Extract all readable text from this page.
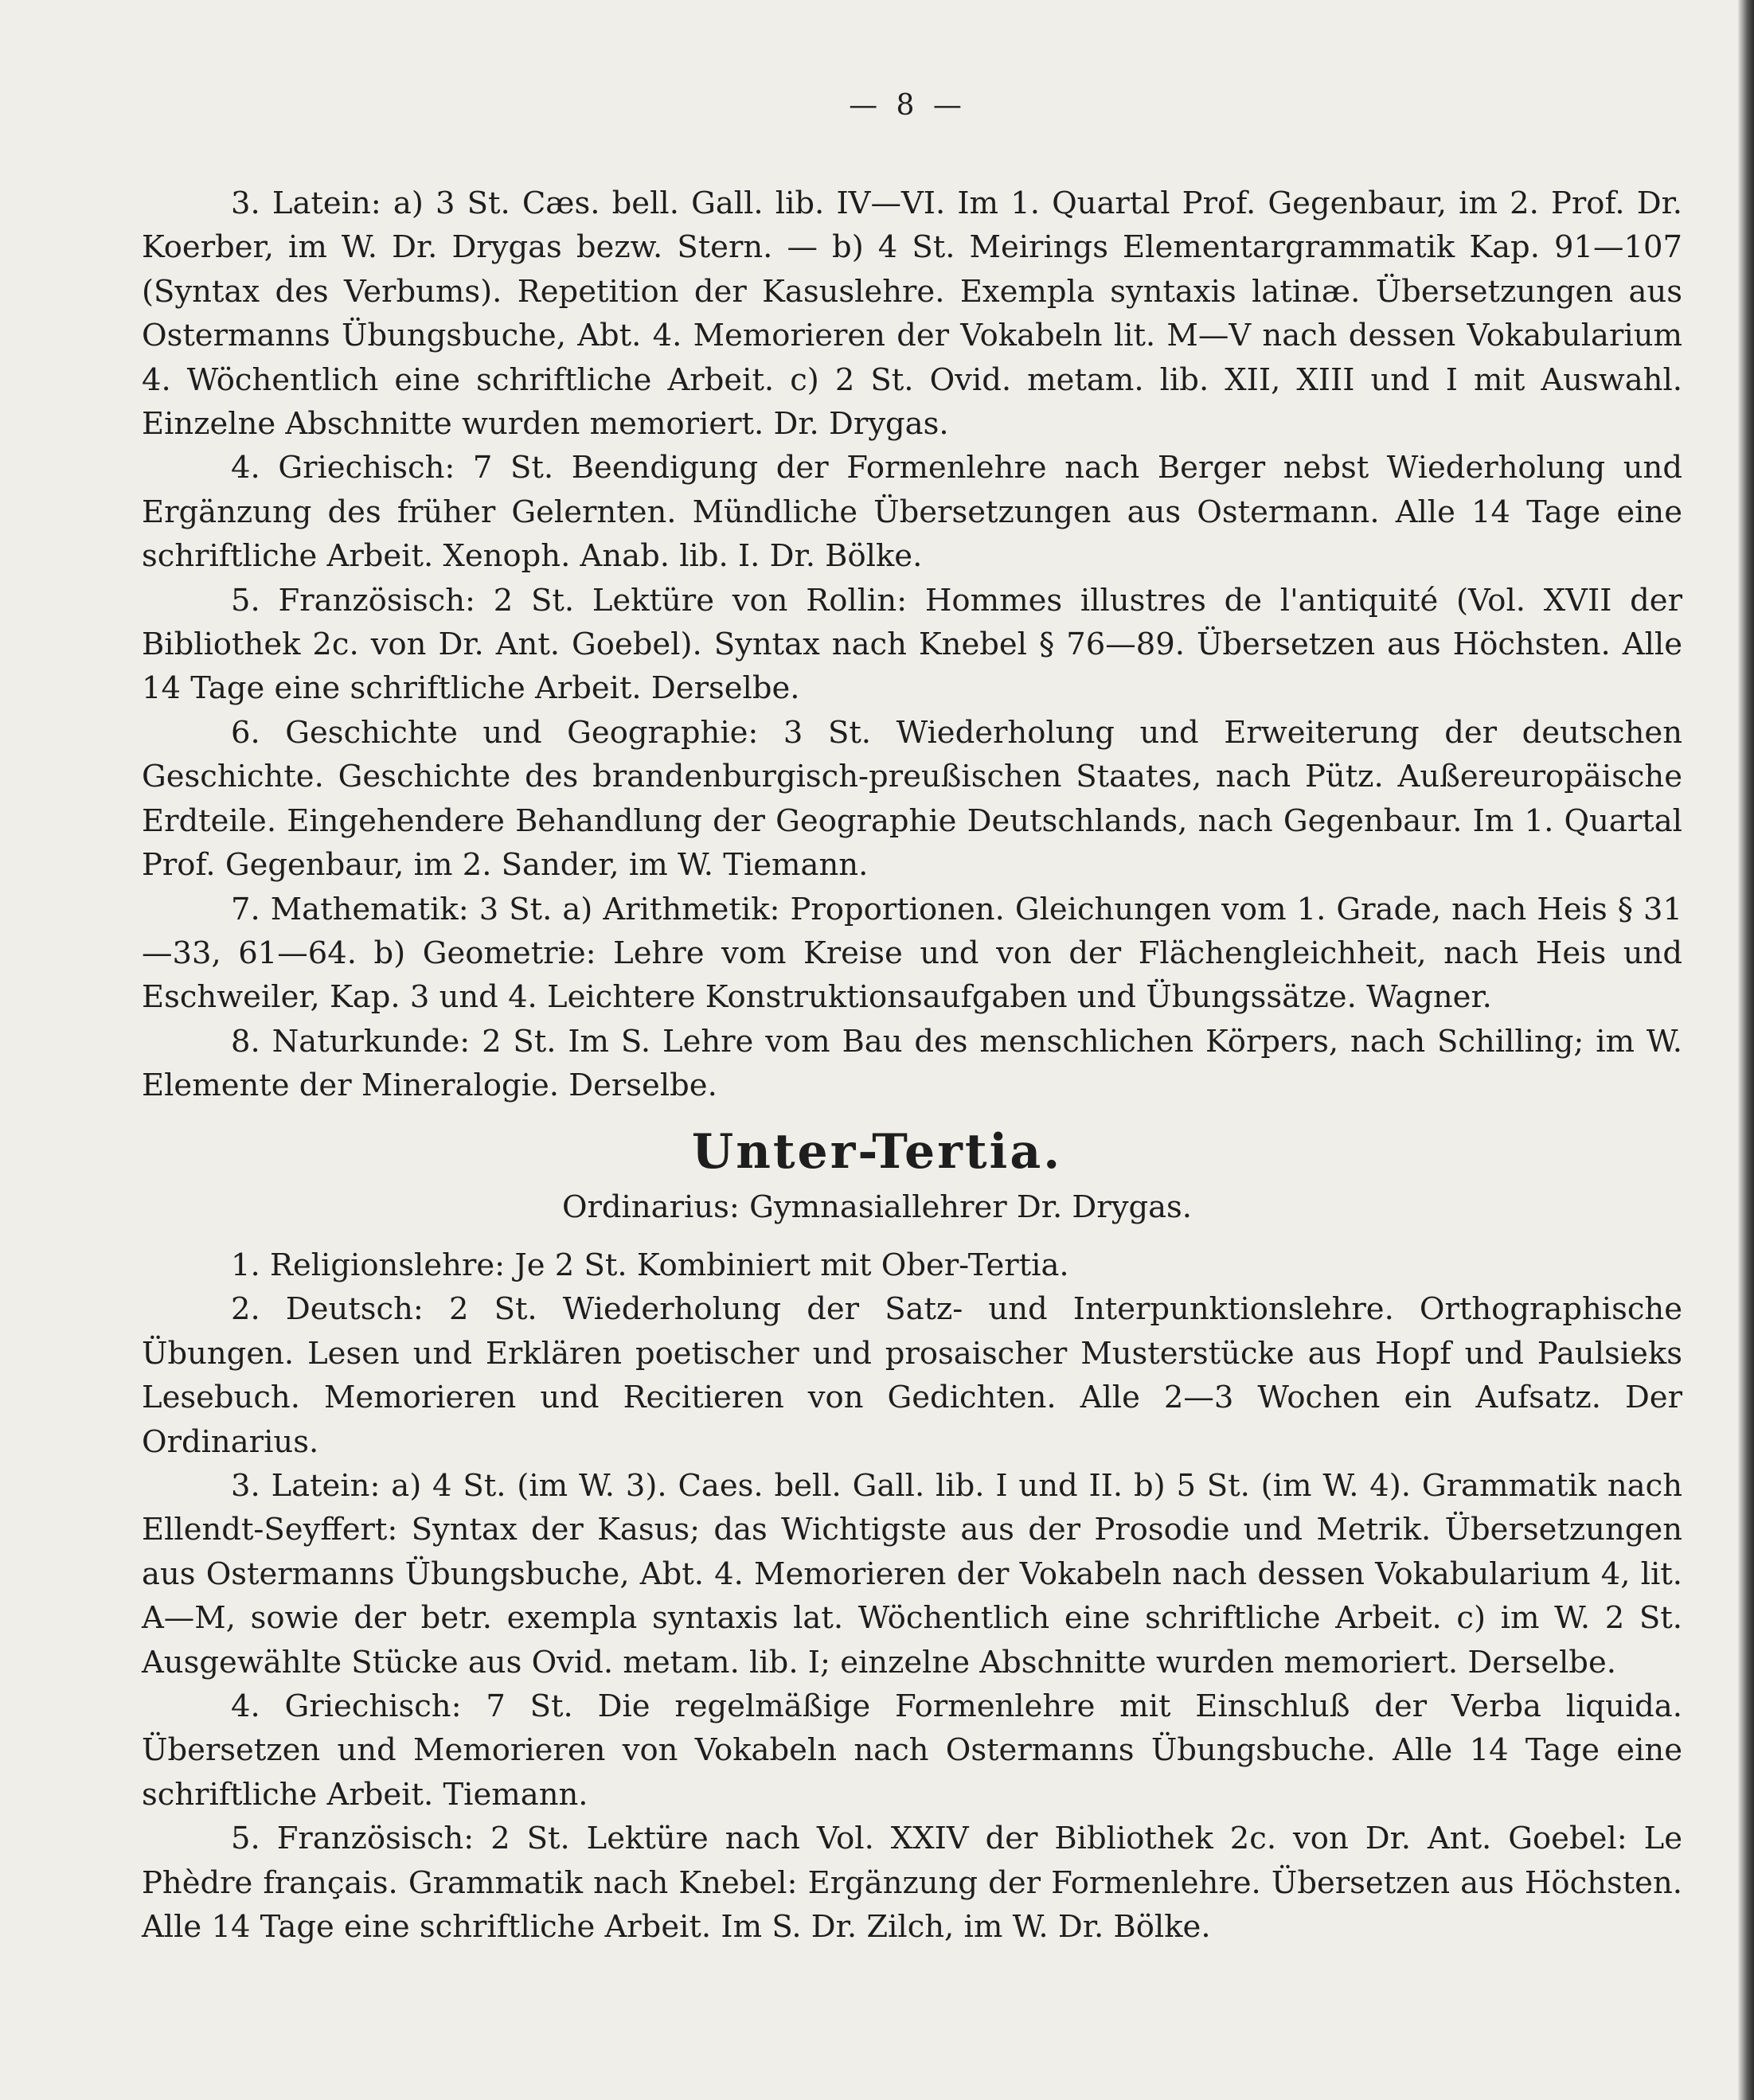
— 8 —

3. Latein: a) 3 St. Cæs. bell. Gall. lib. IV—VI. Im 1. Quartal Prof. Gegenbaur, im 2. Prof. Dr. Koerber, im W. Dr. Drygas bezw. Stern. — b) 4 St. Meirings Elementargrammatik Kap. 91—107 (Syntax des Verbums). Repetition der Kasuslehre. Exempla syntaxis latinæ. Übersetzungen aus Ostermanns Übungsbuche, Abt. 4. Memorieren der Vokabeln lit. M—V nach dessen Vokabularium 4. Wöchentlich eine schriftliche Arbeit. c) 2 St. Ovid. metam. lib. XII, XIII und I mit Auswahl. Einzelne Abschnitte wurden memoriert. Dr. Drygas.

4. Griechisch: 7 St. Beendigung der Formenlehre nach Berger nebst Wiederholung und Ergänzung des früher Gelernten. Mündliche Übersetzungen aus Ostermann. Alle 14 Tage eine schriftliche Arbeit. Xenoph. Anab. lib. I. Dr. Bölke.

5. Französisch: 2 St. Lektüre von Rollin: Hommes illustres de l'antiquité (Vol. XVII der Bibliothek 2c. von Dr. Ant. Goebel). Syntax nach Knebel § 76—89. Übersetzen aus Höchsten. Alle 14 Tage eine schriftliche Arbeit. Derselbe.

6. Geschichte und Geographie: 3 St. Wiederholung und Erweiterung der deutschen Geschichte. Geschichte des brandenburgisch-preußischen Staates, nach Pütz. Außereuropäische Erdteile. Eingehendere Behandlung der Geographie Deutschlands, nach Gegenbaur. Im 1. Quartal Prof. Gegenbaur, im 2. Sander, im W. Tiemann.

7. Mathematik: 3 St. a) Arithmetik: Proportionen. Gleichungen vom 1. Grade, nach Heis § 31—33, 61—64. b) Geometrie: Lehre vom Kreise und von der Flächengleichheit, nach Heis und Eschweiler, Kap. 3 und 4. Leichtere Konstruktionsaufgaben und Übungssätze. Wagner.

8. Naturkunde: 2 St. Im S. Lehre vom Bau des menschlichen Körpers, nach Schilling; im W. Elemente der Mineralogie. Derselbe.

Unter-Tertia.
Ordinarius: Gymnasiallehrer Dr. Drygas.

1. Religionslehre: Je 2 St. Kombiniert mit Ober-Tertia.

2. Deutsch: 2 St. Wiederholung der Satz- und Interpunktionslehre. Orthographische Übungen. Lesen und Erklären poetischer und prosaischer Musterstücke aus Hopf und Paulsieks Lesebuch. Memorieren und Recitieren von Gedichten. Alle 2—3 Wochen ein Aufsatz. Der Ordinarius.

3. Latein: a) 4 St. (im W. 3). Caes. bell. Gall. lib. I und II. b) 5 St. (im W. 4). Grammatik nach Ellendt-Seyffert: Syntax der Kasus; das Wichtigste aus der Prosodie und Metrik. Übersetzungen aus Ostermanns Übungsbuche, Abt. 4. Memorieren der Vokabeln nach dessen Vokabularium 4, lit. A—M, sowie der betr. exempla syntaxis lat. Wöchentlich eine schriftliche Arbeit. c) im W. 2 St. Ausgewählte Stücke aus Ovid. metam. lib. I; einzelne Abschnitte wurden memoriert. Derselbe.

4. Griechisch: 7 St. Die regelmäßige Formenlehre mit Einschluß der Verba liquida. Übersetzen und Memorieren von Vokabeln nach Ostermanns Übungsbuche. Alle 14 Tage eine schriftliche Arbeit. Tiemann.

5. Französisch: 2 St. Lektüre nach Vol. XXIV der Bibliothek 2c. von Dr. Ant. Goebel: Le Phèdre français. Grammatik nach Knebel: Ergänzung der Formenlehre. Übersetzen aus Höchsten. Alle 14 Tage eine schriftliche Arbeit. Im S. Dr. Zilch, im W. Dr. Bölke.
